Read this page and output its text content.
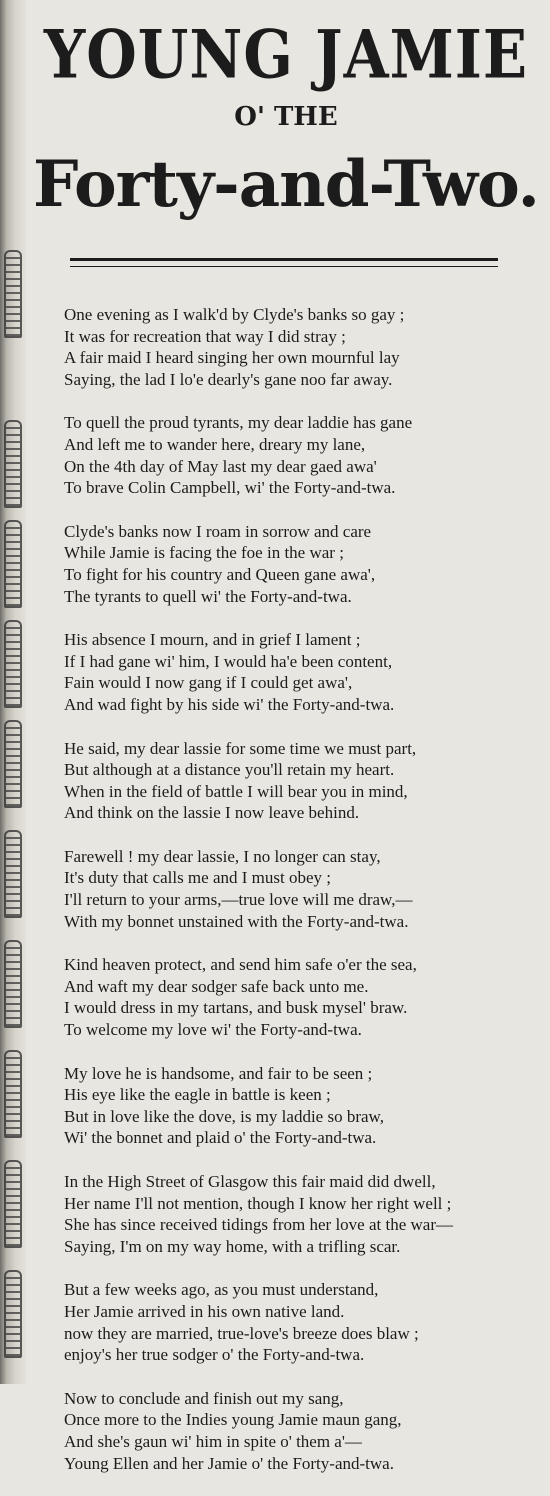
YOUNG JAMIE
O' THE
Forty-and-Two.
One evening as I walk'd by Clyde's banks so gay ;
It was for recreation that way I did stray ;
A fair maid I heard singing her own mournful lay
Saying, the lad I lo'e dearly's gane noo far away.
To quell the proud tyrants, my dear laddie has gane
And left me to wander here, dreary my lane,
On the 4th day of May last my dear gaed awa'
To brave Colin Campbell, wi' the Forty-and-twa.
Clyde's banks now I roam in sorrow and care
While Jamie is facing the foe in the war ;
To fight for his country and Queen gane awa',
The tyrants to quell wi' the Forty-and-twa.
His absence I mourn, and in grief I lament ;
If I had gane wi' him, I would ha'e been content,
Fain would I now gang if I could get awa',
And wad fight by his side wi' the Forty-and-twa.
He said, my dear lassie for some time we must part,
But although at a distance you'll retain my heart.
When in the field of battle I will bear you in mind,
And think on the lassie I now leave behind.
Farewell ! my dear lassie, I no longer can stay,
It's duty that calls me and I must obey ;
I'll return to your arms,—true love will me draw,—
With my bonnet unstained with the Forty-and-twa.
Kind heaven protect, and send him safe o'er the sea,
And waft my dear sodger safe back unto me.
I would dress in my tartans, and busk mysel' braw.
To welcome my love wi' the Forty-and-twa.
My love he is handsome, and fair to be seen ;
His eye like the eagle in battle is keen ;
But in love like the dove, is my laddie so braw,
Wi' the bonnet and plaid o' the Forty-and-twa.
In the High Street of Glasgow this fair maid did dwell,
Her name I'll not mention, though I know her right well ;
She has since received tidings from her love at the war—
Saying, I'm on my way home, with a trifling scar.
But a few weeks ago, as you must understand,
Her Jamie arrived in his own native land.
now they are married, true-love's breeze does blaw ;
enjoy's her true sodger o' the Forty-and-twa.
Now to conclude and finish out my sang,
Once more to the Indies young Jamie maun gang,
And she's gaun wi' him in spite o' them a'—
Young Ellen and her Jamie o' the Forty-and-twa.
